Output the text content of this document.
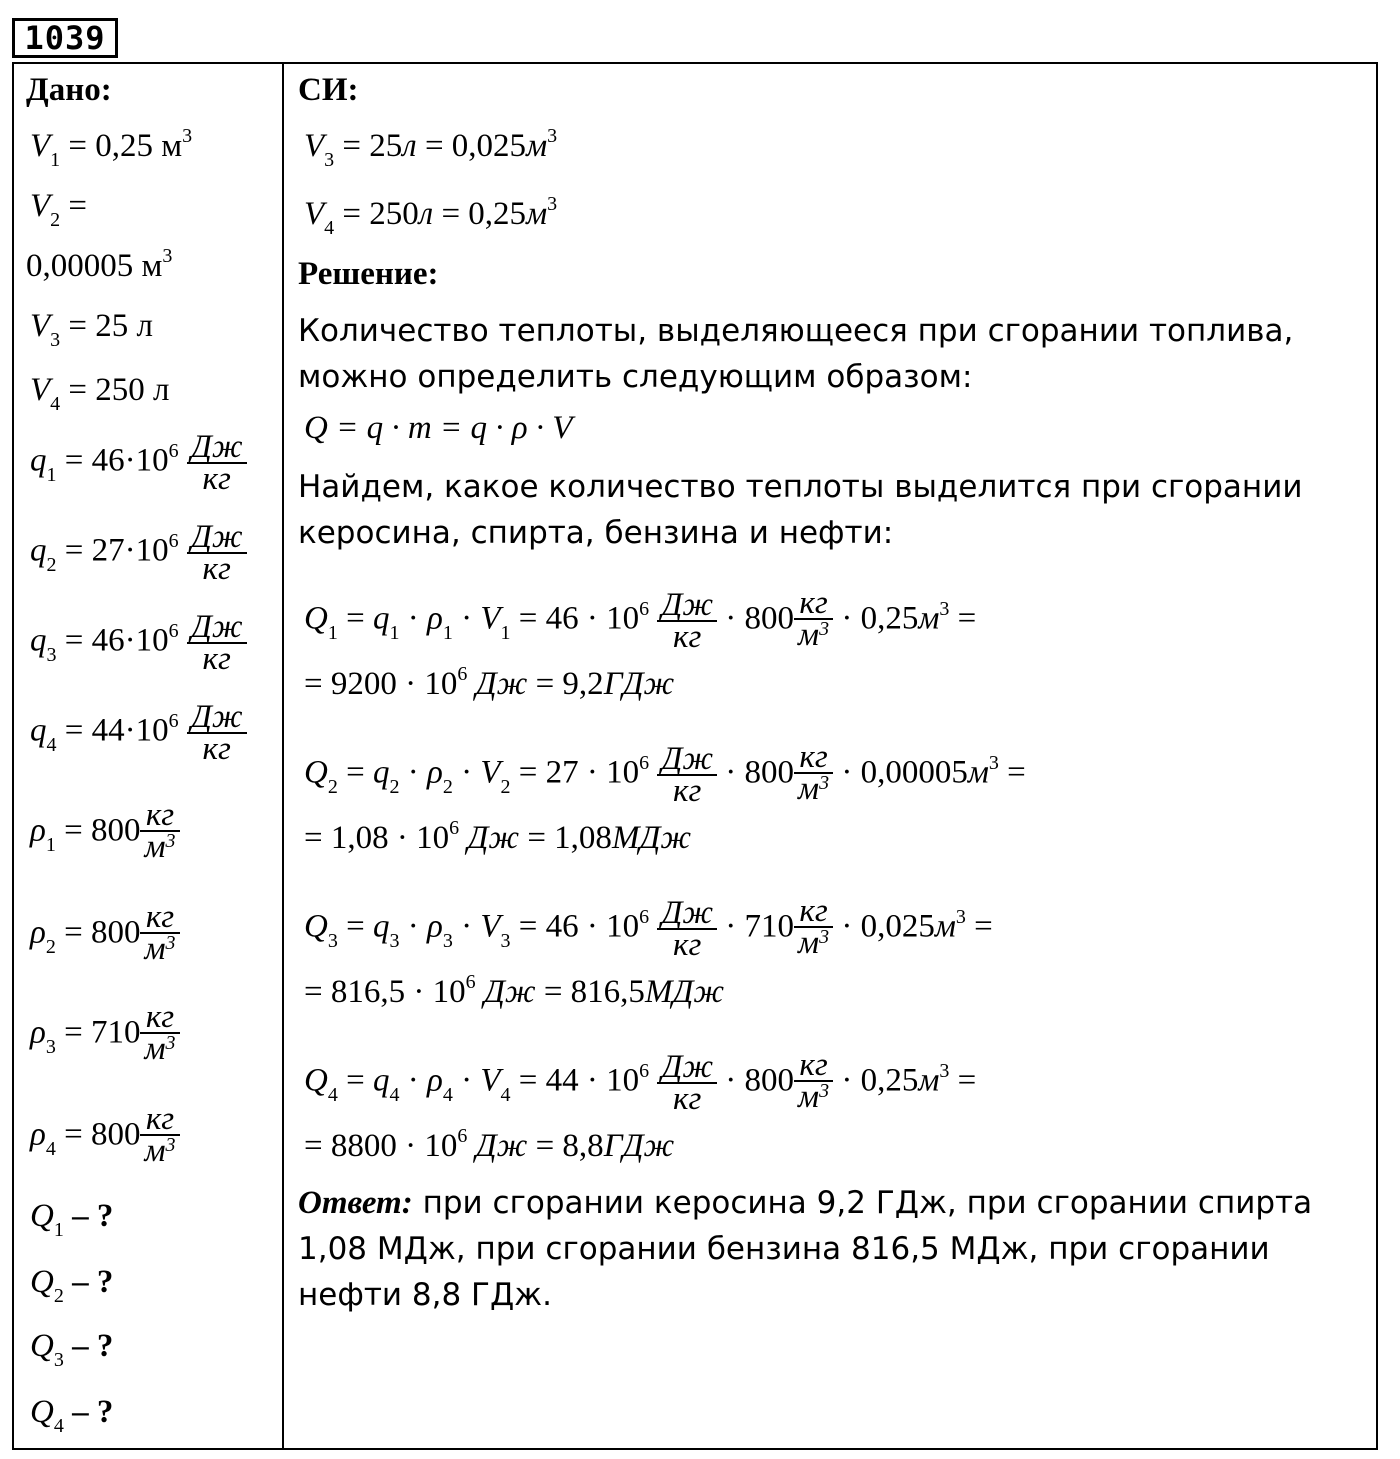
1039
Дано:
$V_1 = 0,25$ $м^3$
$V_2$ =
0,00005 $м^3$
$V_3 = 25$ л
$V_4 = 250$ л
$q_1 = 46\cdot 10^6 \frac{Дж}{кг}$
$q_2 = 27\cdot 10^6 \frac{Дж}{кг}$
$q_3 = 46\cdot 10^6 \frac{Дж}{кг}$
$q_4 = 44\cdot 10^6 \frac{Дж}{кг}$
$\rho_1 = 800 \frac{кг}{м^3}$
$\rho_2 = 800 \frac{кг}{м^3}$
$\rho_3 = 710 \frac{кг}{м^3}$
$\rho_4 = 800 \frac{кг}{м^3}$
$Q_1$ – ?
$Q_2$ – ?
$Q_3$ – ?
$Q_4$ – ?
СИ:
$V_3 = 25л = 0,025м^3$
$V_4 = 250л = 0,25м^3$
Решение:
Количество теплоты, выделяющееся при сгорании топлива, можно определить следующим образом:
Q = q · m = q · ρ · V
Найдем, какое количество теплоты выделится при сгорании керосина, спирта, бензина и нефти:
$Q_1 = q_1 \cdot \rho_1 \cdot V_1 = 46 \cdot 10^6 \frac{Дж}{кг} \cdot 800 \frac{кг}{м^3} \cdot 0,25м^3$ =
= $9200 \cdot 10^6$ Дж = 9,2ГДж
$Q_2 = q_2 \cdot \rho_2 \cdot V_2 = 27 \cdot 10^6 \frac{Дж}{кг} \cdot 800 \frac{кг}{м^3} \cdot 0,00005м^3$ =
= $1,08 \cdot 10^6$ Дж = 1,08МДж
$Q_3 = q_3 \cdot \rho_3 \cdot V_3 = 46 \cdot 10^6 \frac{Дж}{кг} \cdot 710 \frac{кг}{м^3} \cdot 0,025м^3$ =
= $816,5 \cdot 10^6$ Дж = 816,5МДж
$Q_4 = q_4 \cdot \rho_4 \cdot V_4 = 44 \cdot 10^6 \frac{Дж}{кг} \cdot 800 \frac{кг}{м^3} \cdot 0,25м^3$ =
= $8800 \cdot 10^6$ Дж = 8,8ГДж
Ответ: при сгорании керосина 9,2 ГДж, при сгорании спирта 1,08 МДж, при сгорании бензина 816,5 МДж, при сгорании нефти 8,8 ГДж.
